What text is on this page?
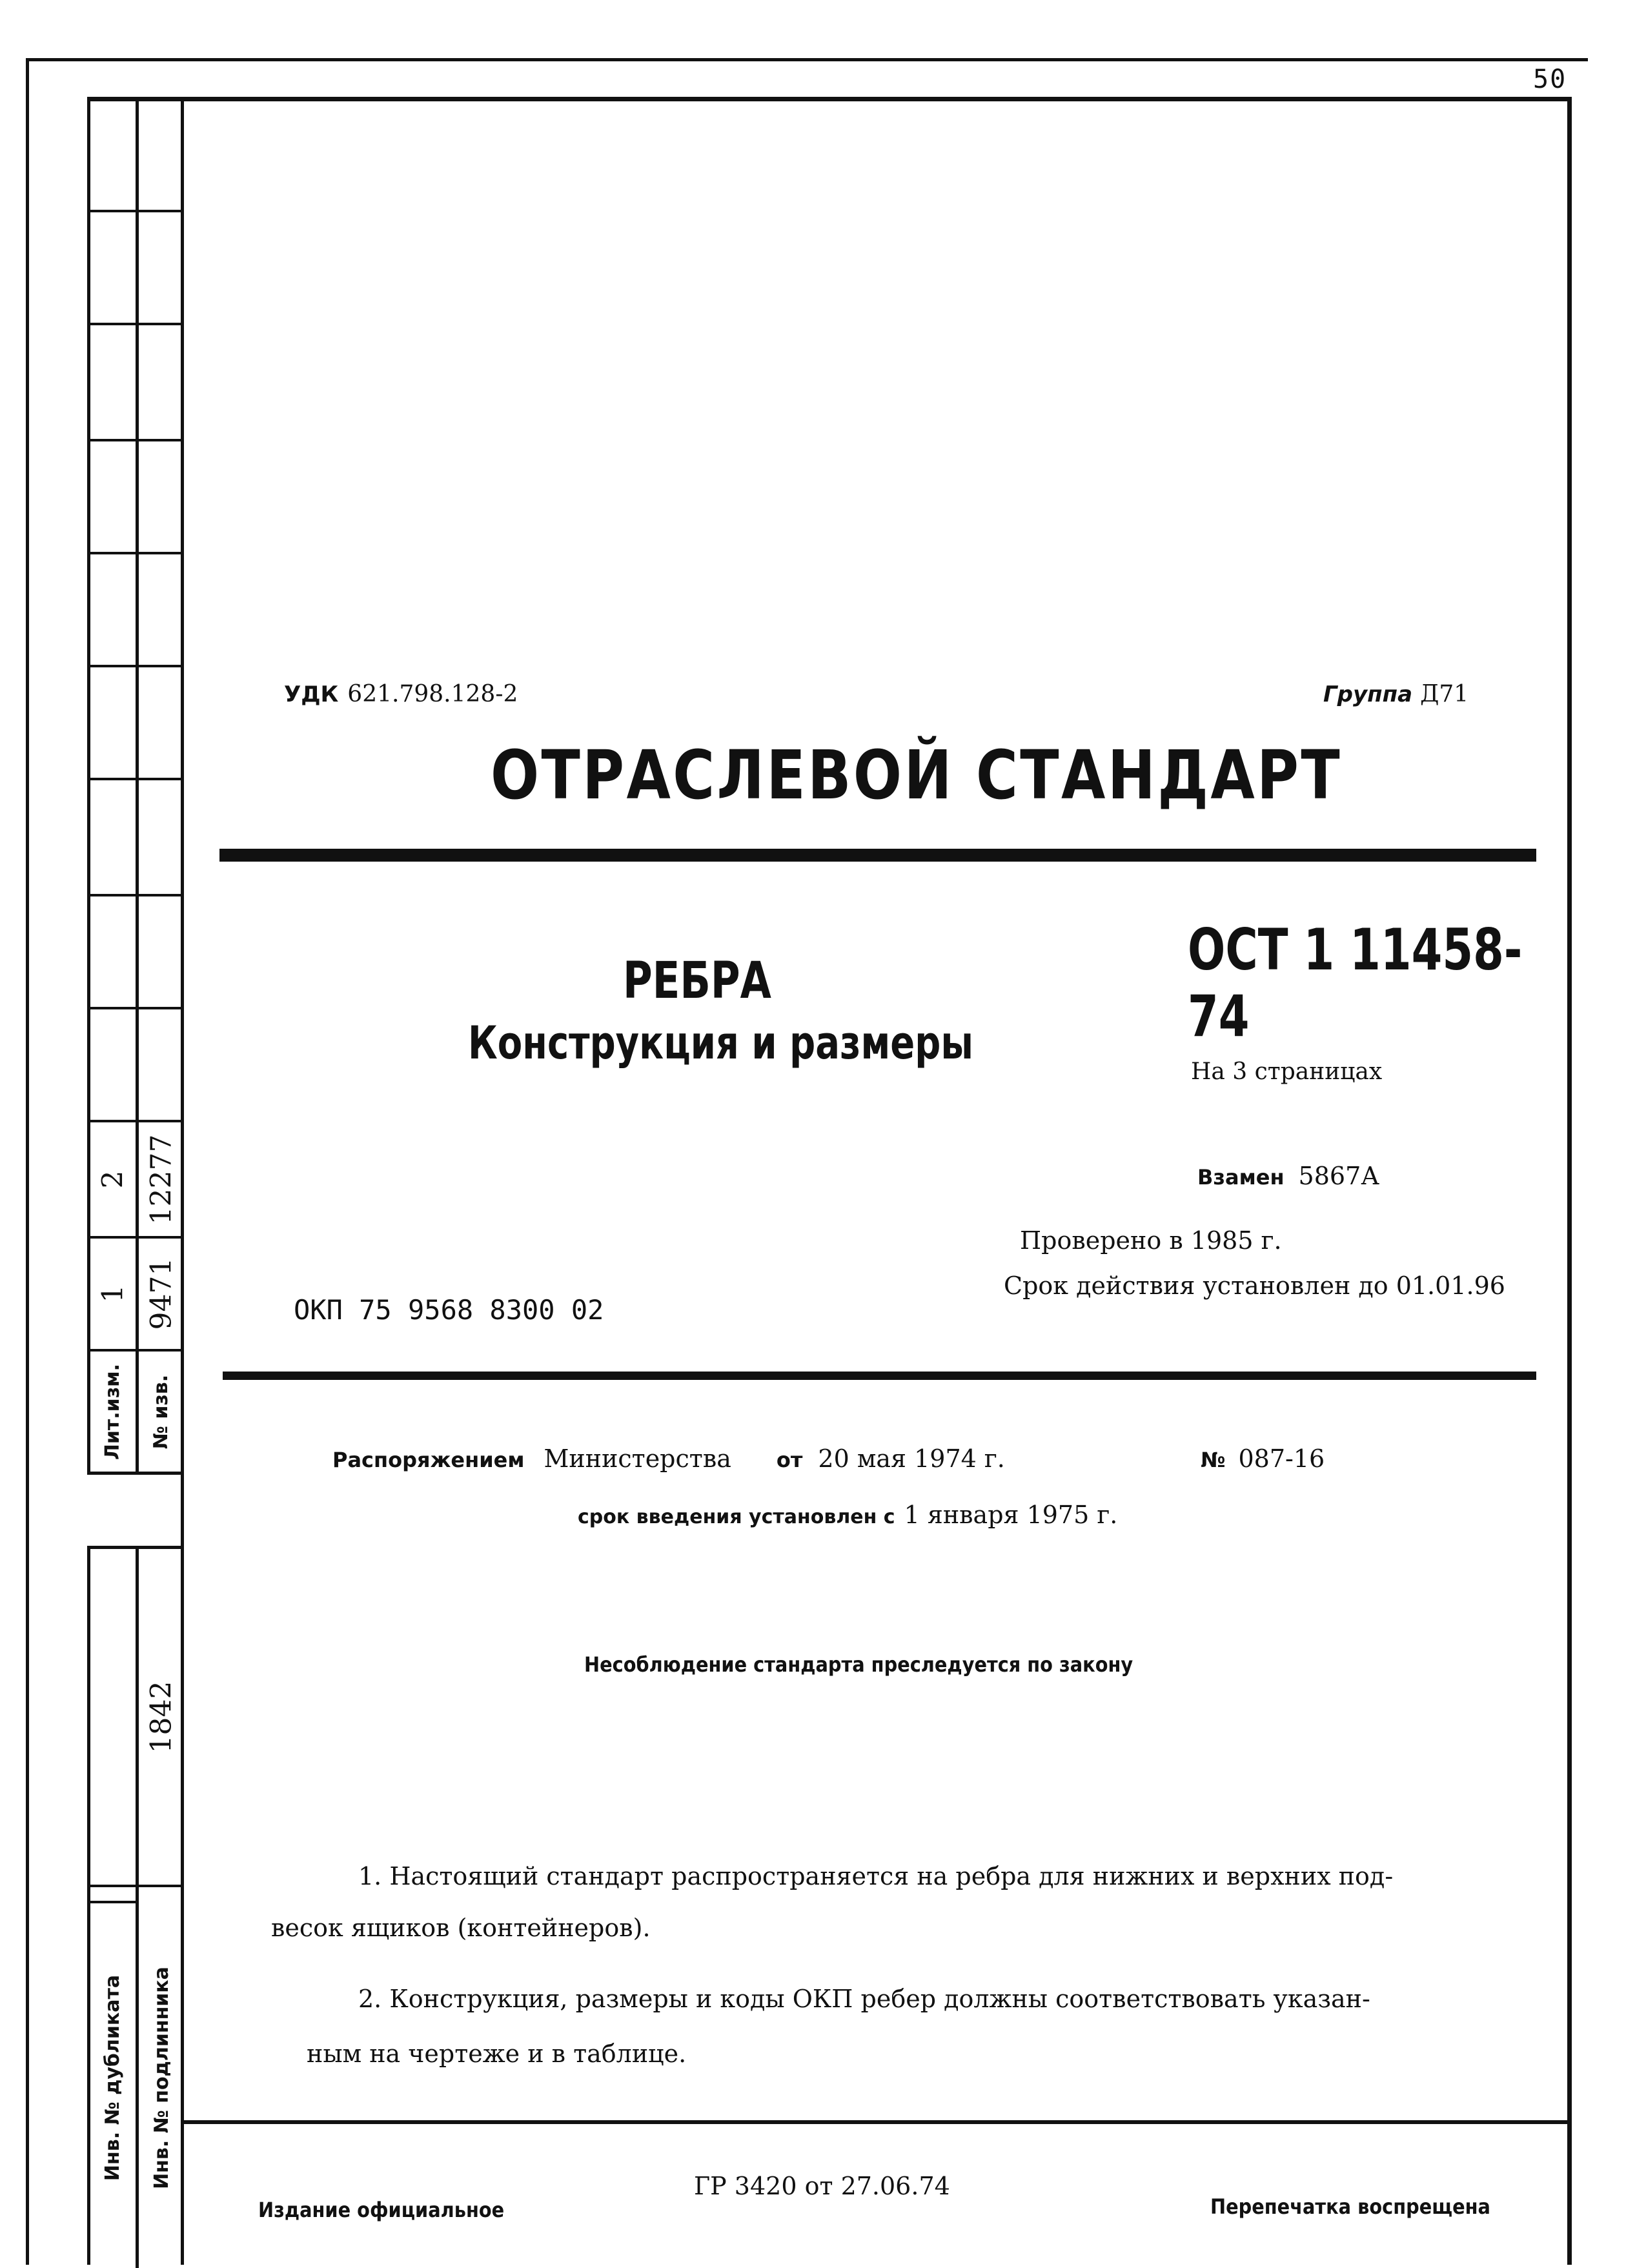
50
2 12277
1 9471
Лит.изм. № изв.
1842
Инв. № дубликата Инв. № подлинника
УДК 621.798.128-2	Группа Д71
ОТРАСЛЕВОЙ СТАНДАРТ
РЕБРА
Конструкция и размеры
ОСТ 1 11458-74
На 3 страницах
Взамен 5867А
Проверено в 1985 г.
Срок действия установлен до 01.01.96
ОКП 75 9568 8300 02
Распоряжением Министерства от 20 мая 1974 г.	№ 087-16
срок введения установлен с 1 января 1975 г.
Несоблюдение стандарта преследуется по закону
1. Настоящий стандарт распространяется на ребра для нижних и верхних под-
весок ящиков (контейнеров).
2. Конструкция, размеры и коды ОКП ребер должны соответствовать указан-
ным на чертеже и в таблице.
Издание официальное
ГР 3420 от 27.06.74
Перепечатка воспрещена
